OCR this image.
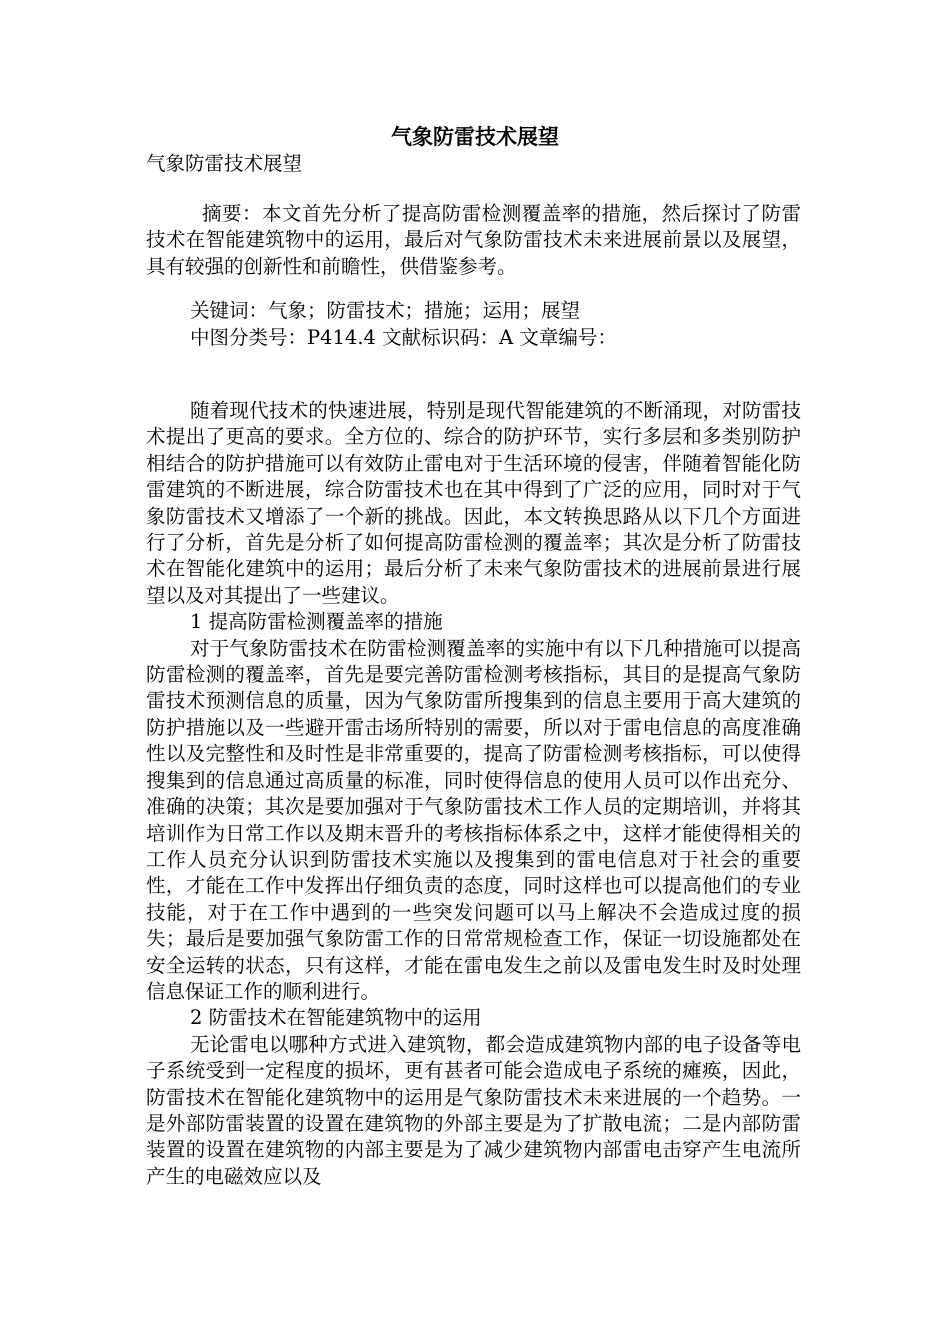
气象防雷技术展望

气象防雷技术展望

摘要：本文首先分析了提高防雷检测覆盖率的措施，然后探讨了防雷技术在智能建筑物中的运用，最后对气象防雷技术未来进展前景以及展望，具有较强的创新性和前瞻性，供借鉴参考。

关键词：气象；防雷技术；措施；运用；展望

中图分类号：P414.4 文献标识码：A 文章编号：

随着现代技术的快速进展，特别是现代智能建筑的不断涌现，对防雷技术提出了更高的要求。全方位的、综合的防护环节，实行多层和多类别防护相结合的防护措施可以有效防止雷电对于生活环境的侵害，伴随着智能化防雷建筑的不断进展，综合防雷技术也在其中得到了广泛的应用，同时对于气象防雷技术又增添了一个新的挑战。因此，本文转换思路从以下几个方面进行了分析，首先是分析了如何提高防雷检测的覆盖率；其次是分析了防雷技术在智能化建筑中的运用；最后分析了未来气象防雷技术的进展前景进行展望以及对其提出了一些建议。

1 提高防雷检测覆盖率的措施

对于气象防雷技术在防雷检测覆盖率的实施中有以下几种措施可以提高防雷检测的覆盖率，首先是要完善防雷检测考核指标，其目的是提高气象防雷技术预测信息的质量，因为气象防雷所搜集到的信息主要用于高大建筑的防护措施以及一些避开雷击场所特别的需要，所以对于雷电信息的高度准确性以及完整性和及时性是非常重要的，提高了防雷检测考核指标，可以使得搜集到的信息通过高质量的标准，同时使得信息的使用人员可以作出充分、准确的决策；其次是要加强对于气象防雷技术工作人员的定期培训，并将其培训作为日常工作以及期末晋升的考核指标体系之中，这样才能使得相关的工作人员充分认识到防雷技术实施以及搜集到的雷电信息对于社会的重要性，才能在工作中发挥出仔细负责的态度，同时这样也可以提高他们的专业技能，对于在工作中遇到的一些突发问题可以马上解决不会造成过度的损失；最后是要加强气象防雷工作的日常常规检查工作，保证一切设施都处在安全运转的状态，只有这样，才能在雷电发生之前以及雷电发生时及时处理信息保证工作的顺利进行。

2 防雷技术在智能建筑物中的运用

无论雷电以哪种方式进入建筑物，都会造成建筑物内部的电子设备等电子系统受到一定程度的损坏，更有甚者可能会造成电子系统的瘫痪，因此，防雷技术在智能化建筑物中的运用是气象防雷技术未来进展的一个趋势。一是外部防雷装置的设置在建筑物的外部主要是为了扩散电流；二是内部防雷装置的设置在建筑物的内部主要是为了减少建筑物内部雷电击穿产生电流所产生的电磁效应以及
